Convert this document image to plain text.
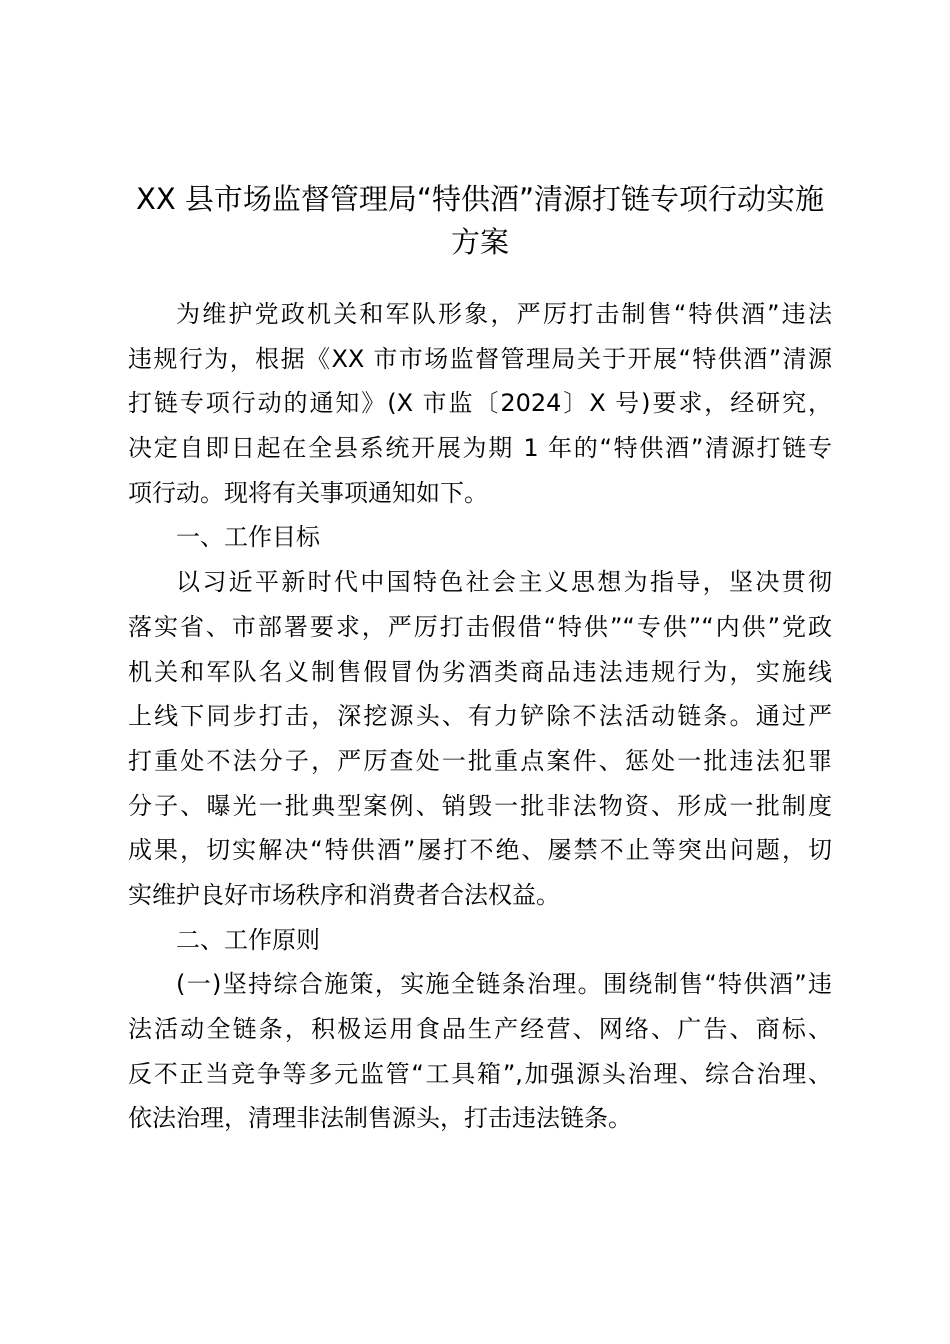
XX 县市场监督管理局“特供酒”清源打链专项行动实施
方案
为维护党政机关和军队形象，严厉打击制售“特供酒”违法
违规行为，根据《XX 市市场监督管理局关于开展“特供酒”清源
打链专项行动的通知》(X 市监〔2024〕X 号)要求，经研究，
决定自即日起在全县系统开展为期 1 年的“特供酒”清源打链专
项行动。现将有关事项通知如下。
一、工作目标
以习近平新时代中国特色社会主义思想为指导，坚决贯彻
落实省、市部署要求，严厉打击假借“特供”“专供”“内供”党政
机关和军队名义制售假冒伪劣酒类商品违法违规行为，实施线
上线下同步打击，深挖源头、有力铲除不法活动链条。通过严
打重处不法分子，严厉查处一批重点案件、惩处一批违法犯罪
分子、曝光一批典型案例、销毁一批非法物资、形成一批制度
成果，切实解决“特供酒”屡打不绝、屡禁不止等突出问题，切
实维护良好市场秩序和消费者合法权益。
二、工作原则
(一)坚持综合施策，实施全链条治理。围绕制售“特供酒”违
法活动全链条，积极运用食品生产经营、网络、广告、商标、
反不正当竞争等多元监管“工具箱”,加强源头治理、综合治理、
依法治理，清理非法制售源头，打击违法链条。
